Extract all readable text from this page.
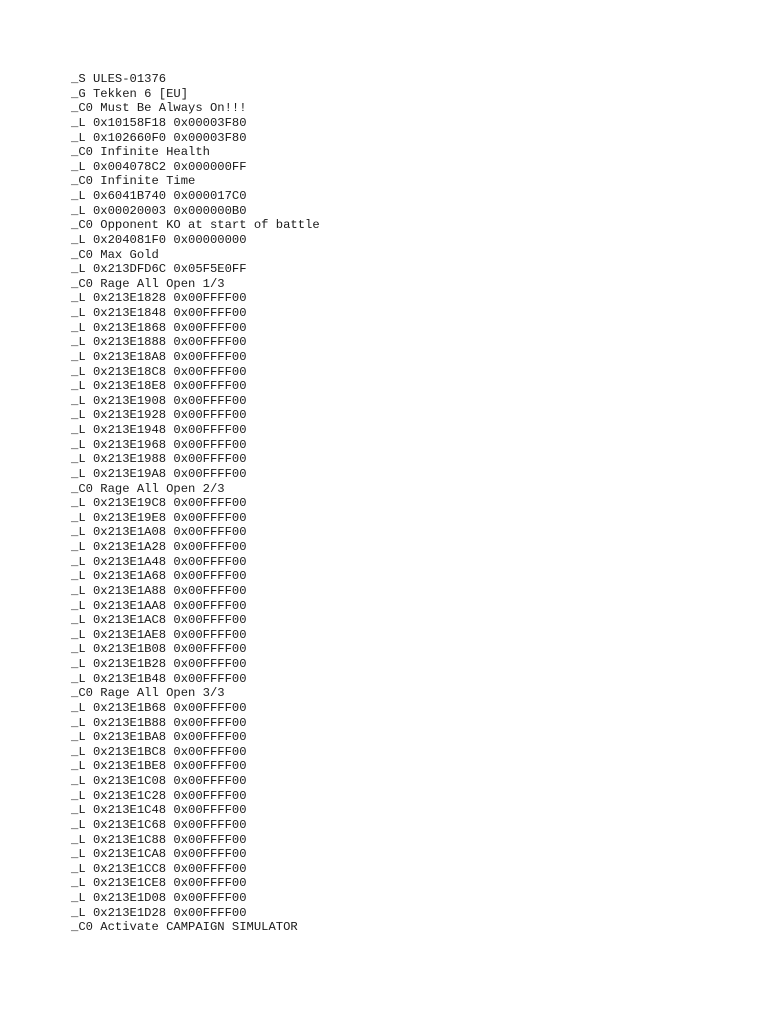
_S ULES-01376
_G Tekken 6 [EU]
_C0 Must Be Always On!!!
_L 0x10158F18 0x00003F80
_L 0x102660F0 0x00003F80
_C0 Infinite Health
_L 0x004078C2 0x000000FF
_C0 Infinite Time
_L 0x6041B740 0x000017C0
_L 0x00020003 0x000000B0
_C0 Opponent KO at start of battle
_L 0x204081F0 0x00000000
_C0 Max Gold
_L 0x213DFD6C 0x05F5E0FF
_C0 Rage All Open 1/3
_L 0x213E1828 0x00FFFF00
_L 0x213E1848 0x00FFFF00
_L 0x213E1868 0x00FFFF00
_L 0x213E1888 0x00FFFF00
_L 0x213E18A8 0x00FFFF00
_L 0x213E18C8 0x00FFFF00
_L 0x213E18E8 0x00FFFF00
_L 0x213E1908 0x00FFFF00
_L 0x213E1928 0x00FFFF00
_L 0x213E1948 0x00FFFF00
_L 0x213E1968 0x00FFFF00
_L 0x213E1988 0x00FFFF00
_L 0x213E19A8 0x00FFFF00
_C0 Rage All Open 2/3
_L 0x213E19C8 0x00FFFF00
_L 0x213E19E8 0x00FFFF00
_L 0x213E1A08 0x00FFFF00
_L 0x213E1A28 0x00FFFF00
_L 0x213E1A48 0x00FFFF00
_L 0x213E1A68 0x00FFFF00
_L 0x213E1A88 0x00FFFF00
_L 0x213E1AA8 0x00FFFF00
_L 0x213E1AC8 0x00FFFF00
_L 0x213E1AE8 0x00FFFF00
_L 0x213E1B08 0x00FFFF00
_L 0x213E1B28 0x00FFFF00
_L 0x213E1B48 0x00FFFF00
_C0 Rage All Open 3/3
_L 0x213E1B68 0x00FFFF00
_L 0x213E1B88 0x00FFFF00
_L 0x213E1BA8 0x00FFFF00
_L 0x213E1BC8 0x00FFFF00
_L 0x213E1BE8 0x00FFFF00
_L 0x213E1C08 0x00FFFF00
_L 0x213E1C28 0x00FFFF00
_L 0x213E1C48 0x00FFFF00
_L 0x213E1C68 0x00FFFF00
_L 0x213E1C88 0x00FFFF00
_L 0x213E1CA8 0x00FFFF00
_L 0x213E1CC8 0x00FFFF00
_L 0x213E1CE8 0x00FFFF00
_L 0x213E1D08 0x00FFFF00
_L 0x213E1D28 0x00FFFF00
_C0 Activate CAMPAIGN SIMULATOR
